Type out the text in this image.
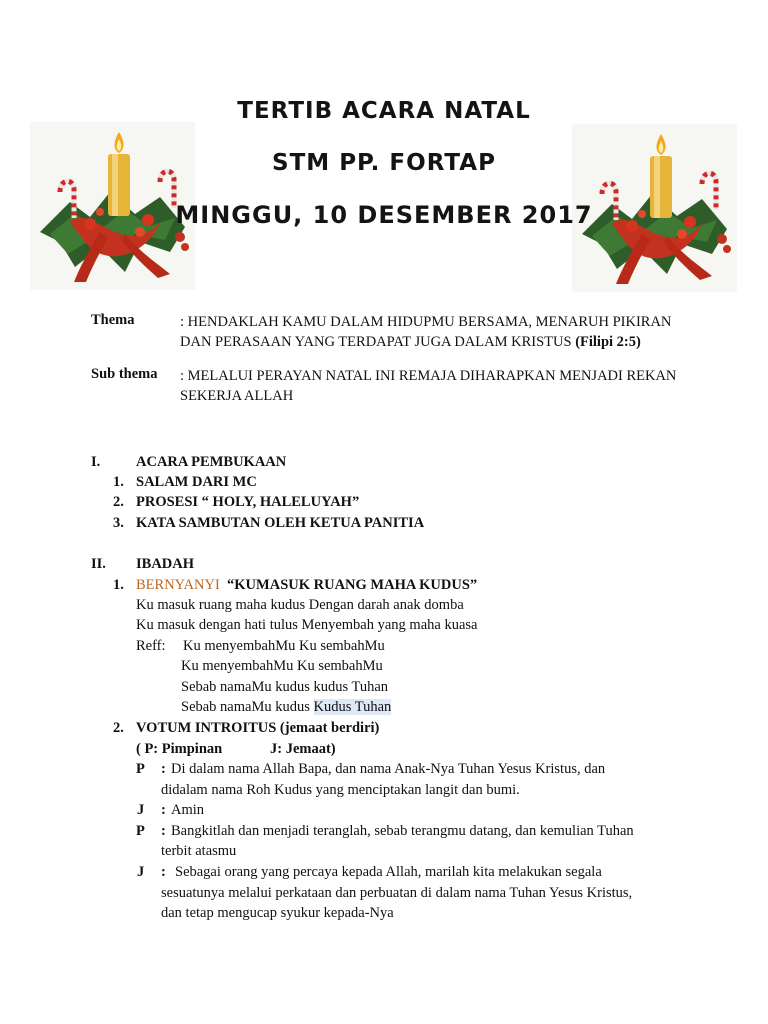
TERTIB ACARA NATAL
STM PP. FORTAP
MINGGU, 10 DESEMBER 2017
Thema	: HENDAKLAH KAMU DALAM HIDUPMU BERSAMA, MENARUH PIKIRAN
DAN PERASAAN YANG TERDAPAT JUGA DALAM KRISTUS (Filipi 2:5)
Sub thema : MELALUI PERAYAN NATAL INI REMAJA DIHARAPKAN MENJADI REKAN
SEKERJA ALLAH
I. ACARA PEMBUKAAN
1. SALAM DARI MC
2. PROSESI “ HOLY, HALELUYAH”
3. KATA SAMBUTAN OLEH KETUA PANITIA
II. IBADAH
1. BERNYANYI “KUMASUK RUANG MAHA KUDUS”
Ku masuk ruang maha kudus Dengan darah anak domba
Ku masuk dengan hati tulus Menyembah yang maha kuasa
Reff: Ku menyembahMu Ku sembahMu
Ku menyembahMu Ku sembahMu
Sebab namaMu kudus kudus Tuhan
Sebab namaMu kudus Kudus Tuhan
2. VOTUM INTROITUS (jemaat berdiri)
( P: Pimpinan	J: Jemaat)
P : Di dalam nama Allah Bapa, dan nama Anak-Nya Tuhan Yesus Kristus, dan
didalam nama Roh Kudus yang menciptakan langit dan bumi.
J : Amin
P : Bangkitlah dan menjadi teranglah, sebab terangmu datang, dan kemulian Tuhan
terbit atasmu
J : Sebagai orang yang percaya kepada Allah, marilah kita melakukan segala
sesuatunya melalui perkataan dan perbuatan di dalam nama Tuhan Yesus Kristus,
dan tetap mengucap syukur kepada-Nya
